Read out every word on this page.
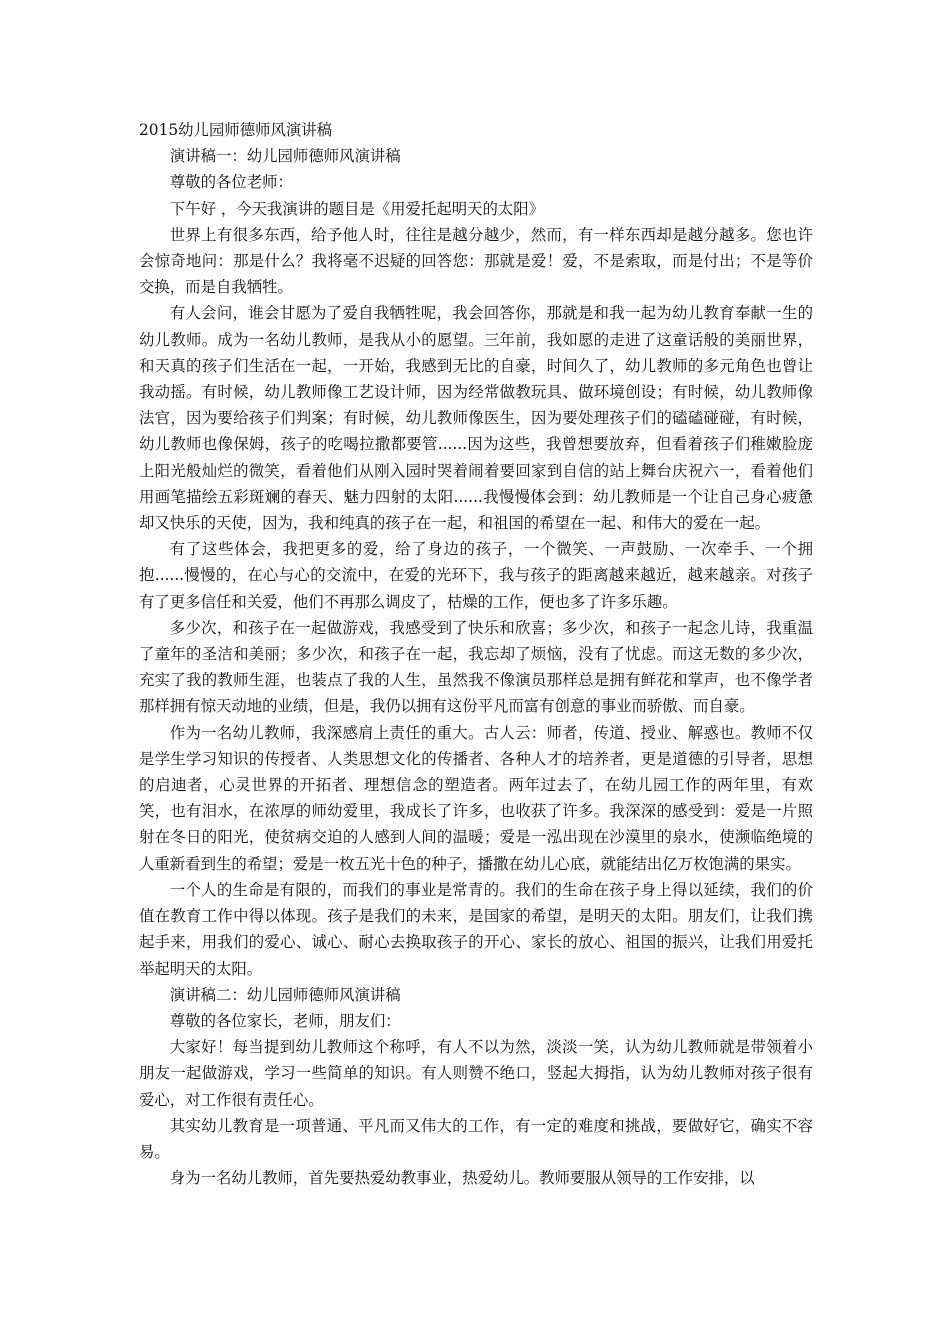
2015幼儿园师德师风演讲稿

演讲稿一：幼儿园师德师风演讲稿

尊敬的各位老师：

下午好 ，今天我演讲的题目是《用爱托起明天的太阳》

世界上有很多东西，给予他人时，往往是越分越少，然而，有一样东西却是越分越多。您也许会惊奇地问：那是什么？我将毫不迟疑的回答您：那就是爱！爱，不是索取，而是付出；不是等价交换，而是自我牺牲。

有人会问，谁会甘愿为了爱自我牺牲呢，我会回答你，那就是和我一起为幼儿教育奉献一生的幼儿教师。成为一名幼儿教师，是我从小的愿望。三年前，我如愿的走进了这童话般的美丽世界，和天真的孩子们生活在一起，一开始，我感到无比的自豪，时间久了，幼儿教师的多元角色也曾让我动摇。有时候，幼儿教师像工艺设计师，因为经常做教玩具、做环境创设；有时候，幼儿教师像法官，因为要给孩子们判案；有时候，幼儿教师像医生，因为要处理孩子们的磕磕碰碰，有时候，幼儿教师也像保姆，孩子的吃喝拉撒都要管......因为这些，我曾想要放弃，但看着孩子们稚嫩脸庞上阳光般灿烂的微笑，看着他们从刚入园时哭着闹着要回家到自信的站上舞台庆祝六一，看着他们用画笔描绘五彩斑斓的春天、魅力四射的太阳......我慢慢体会到：幼儿教师是一个让自己身心疲惫却又快乐的天使，因为，我和纯真的孩子在一起，和祖国的希望在一起、和伟大的爱在一起。

有了这些体会，我把更多的爱，给了身边的孩子，一个微笑、一声鼓励、一次牵手、一个拥抱......慢慢的，在心与心的交流中，在爱的光环下，我与孩子的距离越来越近，越来越亲。对孩子有了更多信任和关爱，他们不再那么调皮了，枯燥的工作，便也多了许多乐趣。

多少次，和孩子在一起做游戏，我感受到了快乐和欣喜；多少次，和孩子一起念儿诗，我重温了童年的圣洁和美丽；多少次，和孩子在一起，我忘却了烦恼，没有了忧虑。而这无数的多少次，充实了我的教师生涯，也装点了我的人生，虽然我不像演员那样总是拥有鲜花和掌声，也不像学者那样拥有惊天动地的业绩，但是，我仍以拥有这份平凡而富有创意的事业而骄傲、而自豪。

作为一名幼儿教师，我深感肩上责任的重大。古人云：师者，传道、授业、解惑也。教师不仅是学生学习知识的传授者、人类思想文化的传播者、各种人才的培养者，更是道德的引导者，思想的启迪者，心灵世界的开拓者、理想信念的塑造者。两年过去了，在幼儿园工作的两年里，有欢笑，也有泪水，在浓厚的师幼爱里，我成长了许多，也收获了许多。我深深的感受到：爱是一片照射在冬日的阳光，使贫病交迫的人感到人间的温暖；爱是一泓出现在沙漠里的泉水，使濒临绝境的人重新看到生的希望；爱是一枚五光十色的种子，播撒在幼儿心底，就能结出亿万枚饱满的果实。

一个人的生命是有限的，而我们的事业是常青的。我们的生命在孩子身上得以延续，我们的价值在教育工作中得以体现。孩子是我们的未来，是国家的希望，是明天的太阳。朋友们，让我们携起手来，用我们的爱心、诚心、耐心去换取孩子的开心、家长的放心、祖国的振兴，让我们用爱托举起明天的太阳。

演讲稿二：幼儿园师德师风演讲稿

尊敬的各位家长，老师，朋友们：

大家好！每当提到幼儿教师这个称呼，有人不以为然，淡淡一笑，认为幼儿教师就是带领着小朋友一起做游戏，学习一些简单的知识。有人则赞不绝口，竖起大拇指，认为幼儿教师对孩子很有爱心，对工作很有责任心。

其实幼儿教育是一项普通、平凡而又伟大的工作，有一定的难度和挑战，要做好它，确实不容易。

身为一名幼儿教师，首先要热爱幼教事业，热爱幼儿。教师要服从领导的工作安排，以
